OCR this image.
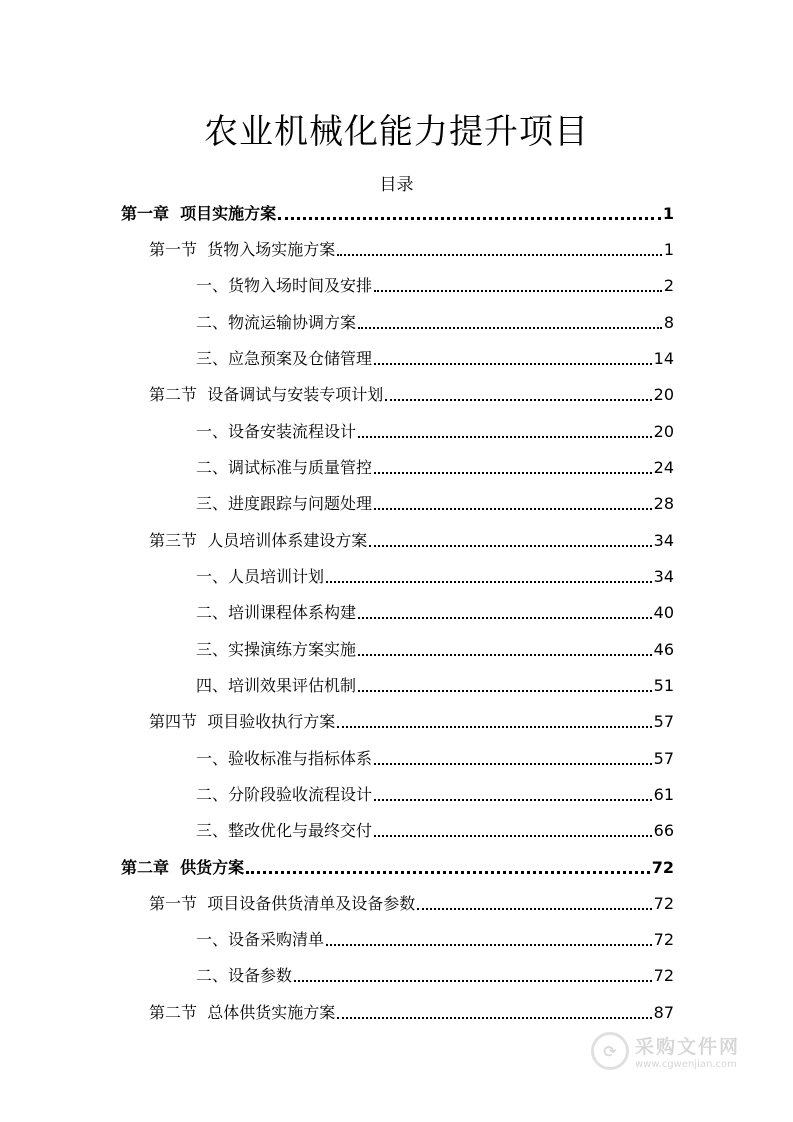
农业机械化能力提升项目
目录
第一章 项目实施方案	1
第一节 货物入场实施方案	1
一、 货物入场时间及安排	2
二、 物流运输协调方案	8
三、 应急预案及仓储管理	14
第二节 设备调试与安装专项计划	20
一、 设备安装流程设计	20
二、 调试标准与质量管控	24
三、 进度跟踪与问题处理	28
第三节 人员培训体系建设方案	34
一、 人员培训计划	34
二、 培训课程体系构建	40
三、 实操演练方案实施	46
四、 培训效果评估机制	51
第四节 项目验收执行方案	57
一、 验收标准与指标体系	57
二、 分阶段验收流程设计	61
三、 整改优化与最终交付	66
第二章 供货方案	72
第一节 项目设备供货清单及设备参数	72
一、 设备采购清单	72
二、 设备参数	72
第二节 总体供货实施方案	87
⟳ 采购文件网
www.cgwenjian.com
